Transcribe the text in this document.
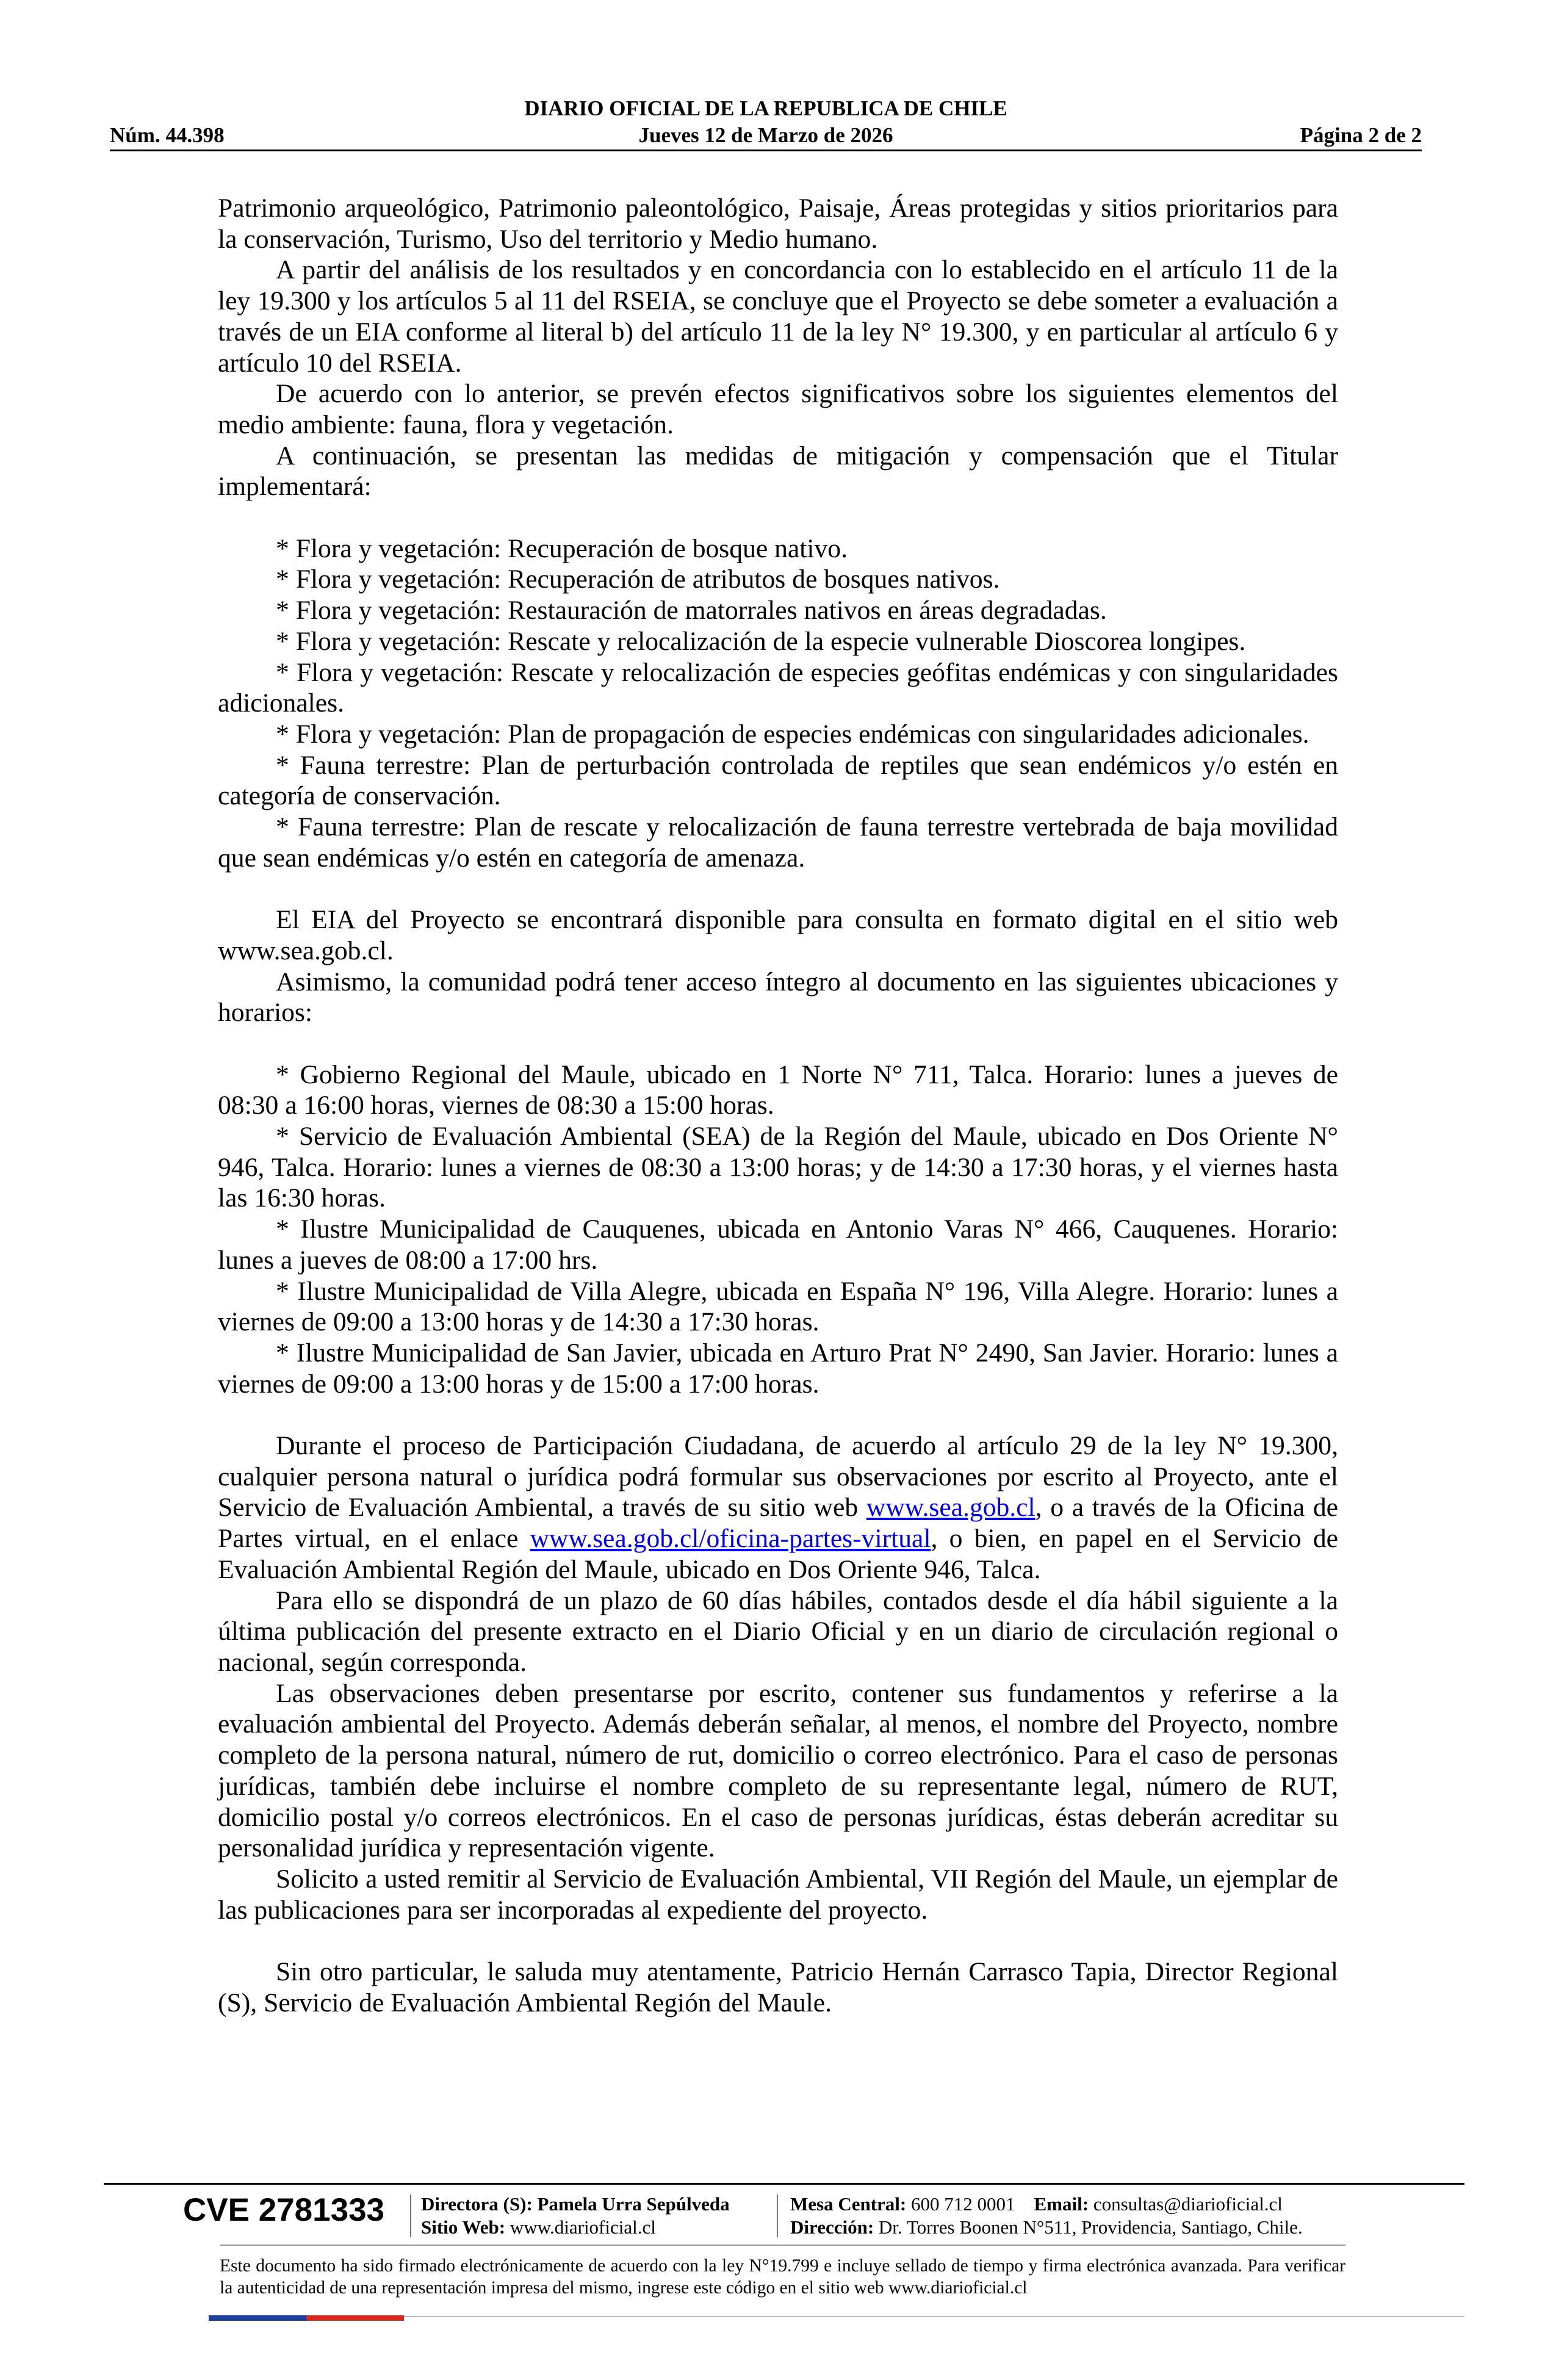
DIARIO OFICIAL DE LA REPUBLICA DE CHILE
Núm. 44.398	Jueves 12 de Marzo de 2026	Página 2 de 2

Patrimonio arqueológico, Patrimonio paleontológico, Paisaje, Áreas protegidas y sitios prioritarios para la conservación, Turismo, Uso del territorio y Medio humano.

A partir del análisis de los resultados y en concordancia con lo establecido en el artículo 11 de la ley 19.300 y los artículos 5 al 11 del RSEIA, se concluye que el Proyecto se debe someter a evaluación a través de un EIA conforme al literal b) del artículo 11 de la ley N° 19.300, y en particular al artículo 6 y artículo 10 del RSEIA.

De acuerdo con lo anterior, se prevén efectos significativos sobre los siguientes elementos del medio ambiente: fauna, flora y vegetación.

A continuación, se presentan las medidas de mitigación y compensación que el Titular implementará:

* Flora y vegetación: Recuperación de bosque nativo.

* Flora y vegetación: Recuperación de atributos de bosques nativos.

* Flora y vegetación: Restauración de matorrales nativos en áreas degradadas.

* Flora y vegetación: Rescate y relocalización de la especie vulnerable Dioscorea longipes.

* Flora y vegetación: Rescate y relocalización de especies geófitas endémicas y con singularidades adicionales.

* Flora y vegetación: Plan de propagación de especies endémicas con singularidades adicionales.

* Fauna terrestre: Plan de perturbación controlada de reptiles que sean endémicos y/o estén en categoría de conservación.

* Fauna terrestre: Plan de rescate y relocalización de fauna terrestre vertebrada de baja movilidad que sean endémicas y/o estén en categoría de amenaza.

El EIA del Proyecto se encontrará disponible para consulta en formato digital en el sitio web www.sea.gob.cl.

Asimismo, la comunidad podrá tener acceso íntegro al documento en las siguientes ubicaciones y horarios:

* Gobierno Regional del Maule, ubicado en 1 Norte N° 711, Talca. Horario: lunes a jueves de 08:30 a 16:00 horas, viernes de 08:30 a 15:00 horas.

* Servicio de Evaluación Ambiental (SEA) de la Región del Maule, ubicado en Dos Oriente N° 946, Talca. Horario: lunes a viernes de 08:30 a 13:00 horas; y de 14:30 a 17:30 horas, y el viernes hasta las 16:30 horas.

* Ilustre Municipalidad de Cauquenes, ubicada en Antonio Varas N° 466, Cauquenes. Horario: lunes a jueves de 08:00 a 17:00 hrs.

* Ilustre Municipalidad de Villa Alegre, ubicada en España N° 196, Villa Alegre. Horario: lunes a viernes de 09:00 a 13:00 horas y de 14:30 a 17:30 horas.

* Ilustre Municipalidad de San Javier, ubicada en Arturo Prat N° 2490, San Javier. Horario: lunes a viernes de 09:00 a 13:00 horas y de 15:00 a 17:00 horas.

Durante el proceso de Participación Ciudadana, de acuerdo al artículo 29 de la ley N° 19.300, cualquier persona natural o jurídica podrá formular sus observaciones por escrito al Proyecto, ante el Servicio de Evaluación Ambiental, a través de su sitio web www.sea.gob.cl, o a través de la Oficina de Partes virtual, en el enlace www.sea.gob.cl/oficina-partes-virtual, o bien, en papel en el Servicio de Evaluación Ambiental Región del Maule, ubicado en Dos Oriente 946, Talca.

Para ello se dispondrá de un plazo de 60 días hábiles, contados desde el día hábil siguiente a la última publicación del presente extracto en el Diario Oficial y en un diario de circulación regional o nacional, según corresponda.

Las observaciones deben presentarse por escrito, contener sus fundamentos y referirse a la evaluación ambiental del Proyecto. Además deberán señalar, al menos, el nombre del Proyecto, nombre completo de la persona natural, número de rut, domicilio o correo electrónico. Para el caso de personas jurídicas, también debe incluirse el nombre completo de su representante legal, número de RUT, domicilio postal y/o correos electrónicos. En el caso de personas jurídicas, éstas deberán acreditar su personalidad jurídica y representación vigente.

Solicito a usted remitir al Servicio de Evaluación Ambiental, VII Región del Maule, un ejemplar de las publicaciones para ser incorporadas al expediente del proyecto.

Sin otro particular, le saluda muy atentamente, Patricio Hernán Carrasco Tapia, Director Regional (S), Servicio de Evaluación Ambiental Región del Maule.

CVE 2781333 Directora (S): Pamela Urra Sepúlveda
Sitio Web: www.diarioficial.cl
Mesa Central: 600 712 0001 Email: consultas@diarioficial.cl
Dirección: Dr. Torres Boonen N°511, Providencia, Santiago, Chile.
Este documento ha sido firmado electrónicamente de acuerdo con la ley N°19.799 e incluye sellado de tiempo y firma electrónica avanzada. Para verificar la autenticidad de una representación impresa del mismo, ingrese este código en el sitio web www.diarioficial.cl
